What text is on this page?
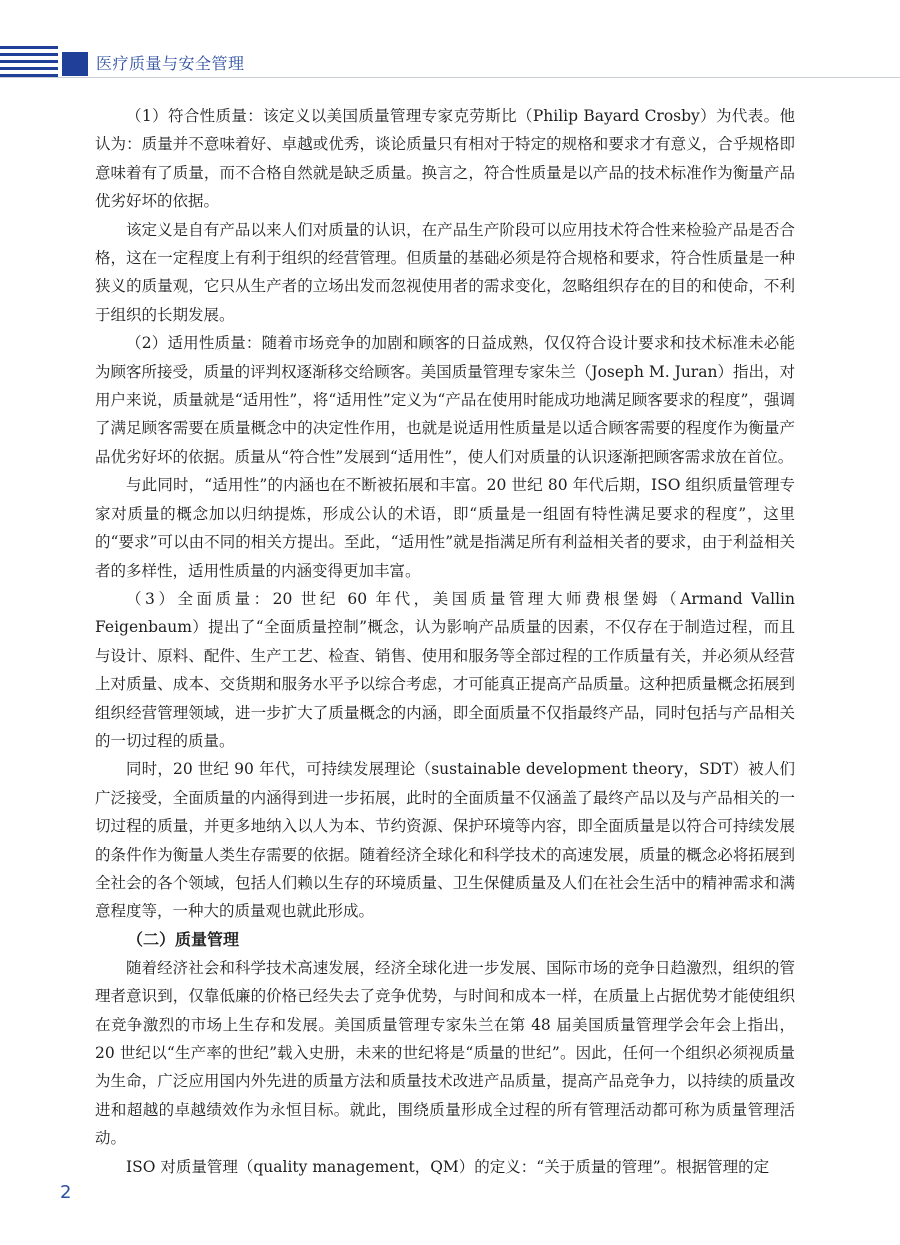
医疗质量与安全管理

（1）符合性质量：该定义以美国质量管理专家克劳斯比（Philip Bayard Crosby）为代表。他认为：质量并不意味着好、卓越或优秀，谈论质量只有相对于特定的规格和要求才有意义，合乎规格即意味着有了质量，而不合格自然就是缺乏质量。换言之，符合性质量是以产品的技术标准作为衡量产品优劣好坏的依据。

该定义是自有产品以来人们对质量的认识，在产品生产阶段可以应用技术符合性来检验产品是否合格，这在一定程度上有利于组织的经营管理。但质量的基础必须是符合规格和要求，符合性质量是一种狭义的质量观，它只从生产者的立场出发而忽视使用者的需求变化，忽略组织存在的目的和使命，不利于组织的长期发展。

（2）适用性质量：随着市场竞争的加剧和顾客的日益成熟，仅仅符合设计要求和技术标准未必能为顾客所接受，质量的评判权逐渐移交给顾客。美国质量管理专家朱兰（Joseph M. Juran）指出，对用户来说，质量就是“适用性”，将“适用性”定义为“产品在使用时能成功地满足顾客要求的程度”，强调了满足顾客需要在质量概念中的决定性作用，也就是说适用性质量是以适合顾客需要的程度作为衡量产品优劣好坏的依据。质量从“符合性”发展到“适用性”，使人们对质量的认识逐渐把顾客需求放在首位。

与此同时，“适用性”的内涵也在不断被拓展和丰富。20 世纪 80 年代后期，ISO 组织质量管理专家对质量的概念加以归纳提炼，形成公认的术语，即“质量是一组固有特性满足要求的程度”，这里的“要求”可以由不同的相关方提出。至此，“适用性”就是指满足所有利益相关者的要求，由于利益相关者的多样性，适用性质量的内涵变得更加丰富。

（3）全面质量：20 世纪 60 年代，美国质量管理大师费根堡姆（Armand Vallin Feigenbaum）提出了“全面质量控制”概念，认为影响产品质量的因素，不仅存在于制造过程，而且与设计、原料、配件、生产工艺、检查、销售、使用和服务等全部过程的工作质量有关，并必须从经营上对质量、成本、交货期和服务水平予以综合考虑，才可能真正提高产品质量。这种把质量概念拓展到组织经营管理领域，进一步扩大了质量概念的内涵，即全面质量不仅指最终产品，同时包括与产品相关的一切过程的质量。

同时，20 世纪 90 年代，可持续发展理论（sustainable development theory，SDT）被人们广泛接受，全面质量的内涵得到进一步拓展，此时的全面质量不仅涵盖了最终产品以及与产品相关的一切过程的质量，并更多地纳入以人为本、节约资源、保护环境等内容，即全面质量是以符合可持续发展的条件作为衡量人类生存需要的依据。随着经济全球化和科学技术的高速发展，质量的概念必将拓展到全社会的各个领域，包括人们赖以生存的环境质量、卫生保健质量及人们在社会生活中的精神需求和满意程度等，一种大的质量观也就此形成。

（二）质量管理

随着经济社会和科学技术高速发展，经济全球化进一步发展、国际市场的竞争日趋激烈，组织的管理者意识到，仅靠低廉的价格已经失去了竞争优势，与时间和成本一样，在质量上占据优势才能使组织在竞争激烈的市场上生存和发展。美国质量管理专家朱兰在第 48 届美国质量管理学会年会上指出，20 世纪以“生产率的世纪”载入史册，未来的世纪将是“质量的世纪”。因此，任何一个组织必须视质量为生命，广泛应用国内外先进的质量方法和质量技术改进产品质量，提高产品竞争力，以持续的质量改进和超越的卓越绩效作为永恒目标。就此，围绕质量形成全过程的所有管理活动都可称为质量管理活动。

ISO 对质量管理（quality management，QM）的定义：“关于质量的管理”。根据管理的定

2
